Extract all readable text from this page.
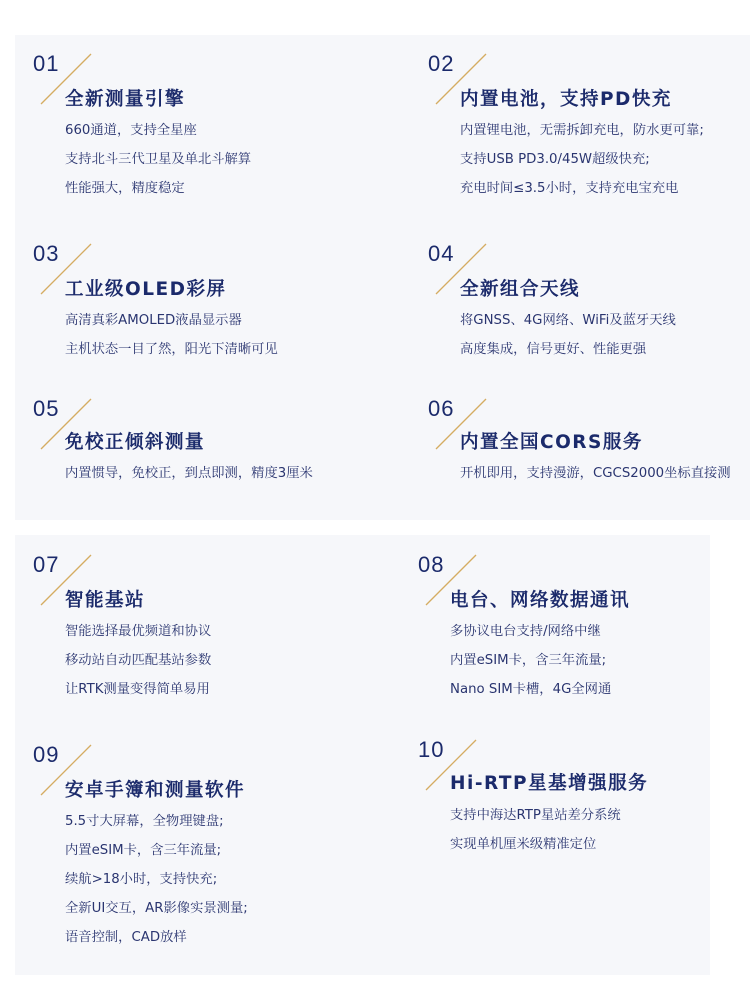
01
全新测量引擎
660通道，支持全星座
支持北斗三代卫星及单北斗解算
性能强大，精度稳定
02
内置电池，支持PD快充
内置锂电池，无需拆卸充电，防水更可靠;
支持USB PD3.0/45W超级快充;
充电时间≤3.5小时，支持充电宝充电
03
工业级OLED彩屏
高清真彩AMOLED液晶显示器
主机状态一目了然，阳光下清晰可见
04
全新组合天线
将GNSS、4G网络、WiFi及蓝牙天线
高度集成，信号更好、性能更强
05
免校正倾斜测量
内置惯导，免校正，到点即测，精度3厘米
06
内置全国CORS服务
开机即用，支持漫游，CGCS2000坐标直接测
07
智能基站
智能选择最优频道和协议
移动站自动匹配基站参数
让RTK测量变得简单易用
08
电台、网络数据通讯
多协议电台支持/网络中继
内置eSIM卡，含三年流量;
Nano SIM卡槽，4G全网通
09
安卓手簿和测量软件
5.5寸大屏幕，全物理键盘;
内置eSIM卡，含三年流量;
续航>18小时，支持快充;
全新UI交互，AR影像实景测量;
语音控制，CAD放样
10
Hi-RTP星基增强服务
支持中海达RTP星站差分系统
实现单机厘米级精准定位
